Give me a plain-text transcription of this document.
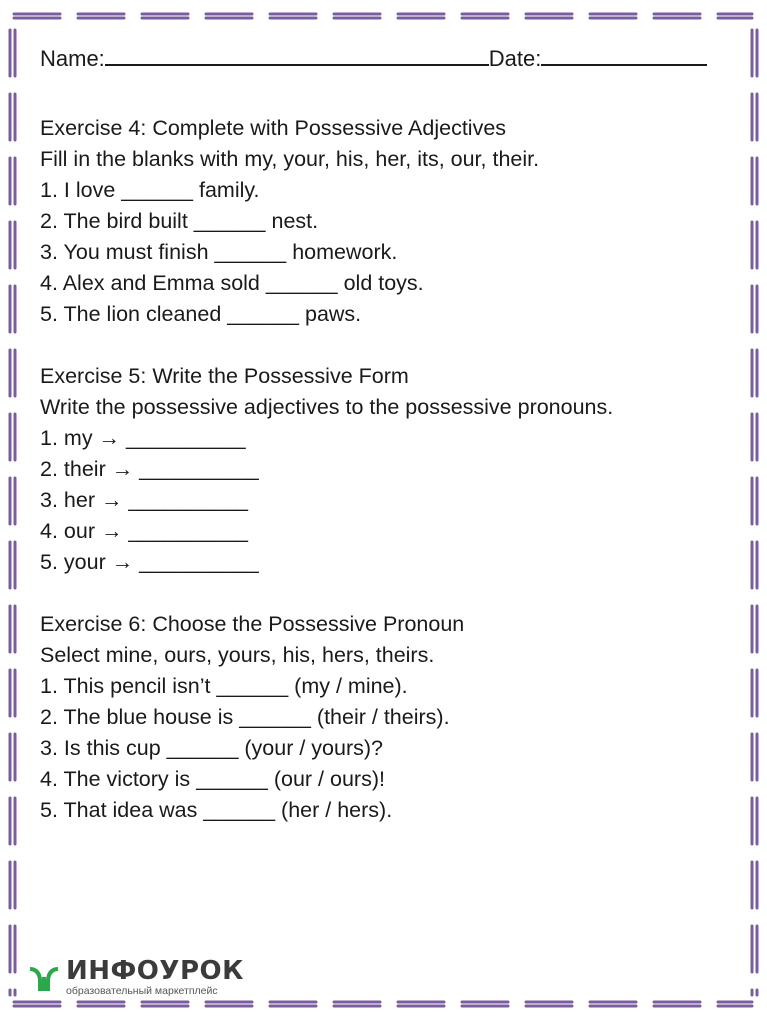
Name:	Date:
Exercise 4: Complete with Possessive Adjectives
Fill in the blanks with my, your, his, her, its, our, their.
1. I love ______ family.
2. The bird built ______ nest.
3. You must finish ______ homework.
4. Alex and Emma sold ______ old toys.
5. The lion cleaned ______ paws.
Exercise 5: Write the Possessive Form
Write the possessive adjectives to the possessive pronouns.
1. my → __________
2. their → __________
3. her → __________
4. our → __________
5. your → __________
Exercise 6: Choose the Possessive Pronoun
Select mine, ours, yours, his, hers, theirs.
1. This pencil isn’t ______ (my / mine).
2. The blue house is ______ (their / theirs).
3. Is this cup ______ (your / yours)?
4. The victory is ______ (our / ours)!
5. That idea was ______ (her / hers).
ИНФОУРОК
образовательный маркетплейс
